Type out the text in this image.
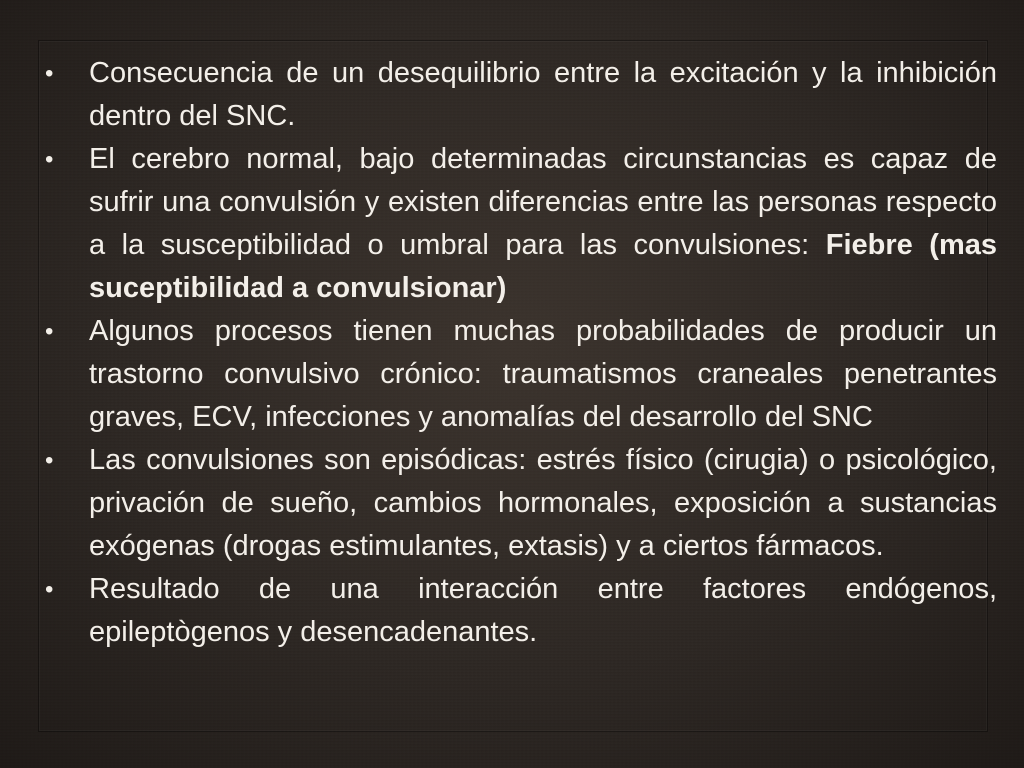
•	Consecuencia de un desequilibrio entre la excitación y la inhibición dentro del SNC.
•	El cerebro normal, bajo determinadas circunstancias es capaz de sufrir una convulsión y existen diferencias entre las personas respecto a la susceptibilidad o umbral para las convulsiones: Fiebre (mas suceptibilidad a convulsionar)
•	Algunos procesos tienen muchas probabilidades de producir un trastorno convulsivo crónico: traumatismos craneales penetrantes graves, ECV, infecciones y anomalías del desarrollo del SNC
•	Las convulsiones son episódicas: estrés físico (cirugia) o psicológico, privación de sueño, cambios hormonales, exposición a sustancias exógenas (drogas estimulantes, extasis) y a ciertos fármacos.
•	Resultado de una interacción entre factores endógenos, epileptògenos y desencadenantes.
